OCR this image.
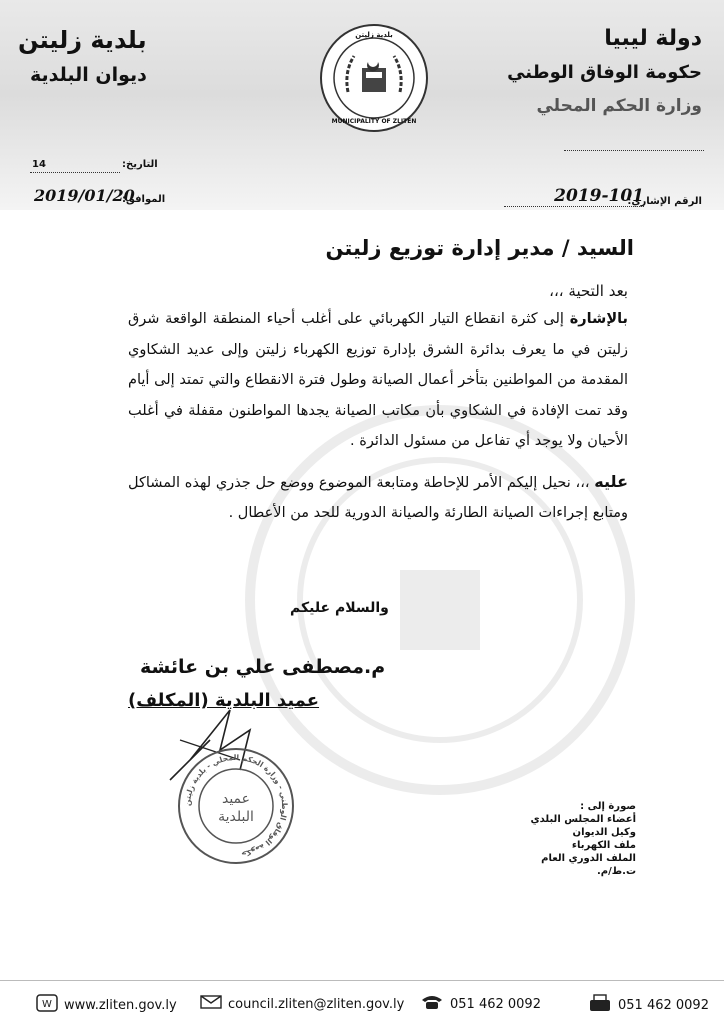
دولة ليبيا
حكومة الوفاق الوطني
وزارة الحكم المحلي
بلدية زليتن
ديوان البلدية
بلدية زليتن
MUNICIPALITY OF ZLITEN
الرقم الإشاري:
2019-101
التاريخ:
14
الموافق:
2019/01/20
السيد / مدير إدارة توزيع زليتن
بعد التحية ،،،

بالإشارة إلى كثرة انقطاع التيار الكهربائي على أغلب أحياء المنطقة الواقعة شرق زليتن في ما يعرف بدائرة الشرق بإدارة توزيع الكهرباء زليتن وإلى عديد الشكاوي المقدمة من المواطنين بتأخر أعمال الصيانة وطول فترة الانقطاع والتي تمتد إلى أيام وقد تمت الإفادة في الشكاوي بأن مكاتب الصيانة يجدها المواطنون مقفلة في أغلب الأحيان ولا يوجد أي تفاعل من مسئول الدائرة .

عليه ،،، نحيل إليكم الأمر للإحاطة ومتابعة الموضوع ووضع حل جذري لهذه المشاكل ومتابع إجراءات الصيانة الطارئة والصيانة الدورية للحد من الأعطال .

والسلام عليكم
م.مصطفى علي بن عائشة
عميد البلدية (المكلف)
حكومة الوفاق الوطني - وزارة الحكم المحلي - بلدية زليتن
عميد
البلدية
صورة إلى :
أعضاء المجلس البلدي
وكيل الديوان
ملف الكهرباء
الملف الدوري العام
ت.ط/م.
W www.zliten.gov.ly	council.zliten@zliten.gov.ly	051 462 0092	051 462 0092
